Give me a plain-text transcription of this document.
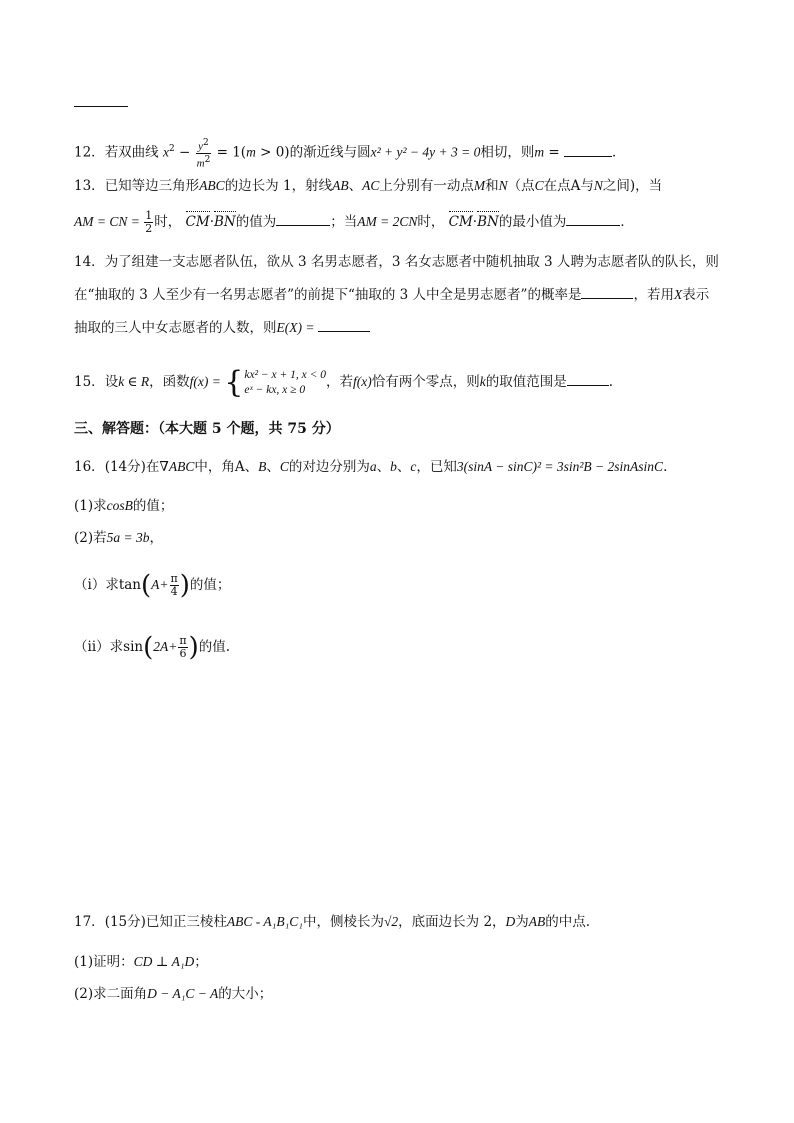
12．若双曲线 $x^2 - \frac{y^2}{m^2} = 1(m > 0)$的渐近线与圆x² + y² − 4y + 3 = 0相切，则m =	．
13．已知等边三角形ABC的边长为 1，射线AB、AC上分别有一动点M和N（点C在点A与N之间)，当
AM = CN = $\frac{1}{2}$ 时， CM·BN的值为	；当AM = 2CN时， CM·BN的最小值为	．
14．为了组建一支志愿者队伍，欲从 3 名男志愿者，3 名女志愿者中随机抽取 3 人聘为志愿者队的队长，则
在“抽取的 3 人至少有一名男志愿者”的前提下“抽取的 3 人中全是男志愿者”的概率是	，若用X表示
抽取的三人中女志愿者的人数，则E(X) =
15．设k ∈ R，函数f(x) = { kx² − x + 1, x < 0
eˣ − kx, x ≥ 0	，若f(x)恰有两个零点，则k的取值范围是	.
三、解答题：（本大题 5 个题，共 75 分）
16．(14分)在∇ABC中，角A、B、C的对边分别为a、b、c，已知3(sinA − sinC)² = 3sin²B − 2sinAsinC.
(1)求cosB的值；
(2)若5a = 3b，
（ⅰ）求$\tan(A+ \frac{\pi}{4}$ )的值；
（ⅱ）求$\sin(2A+ \frac{\pi}{6}$ )的值.
17．(15分)已知正三棱柱ABC - A₁B₁C₁中，侧棱长为√2，底面边长为 2，D为AB的中点.
(1)证明：CD ⊥ A₁D；
(2)求二面角D − A₁C − A的大小；
